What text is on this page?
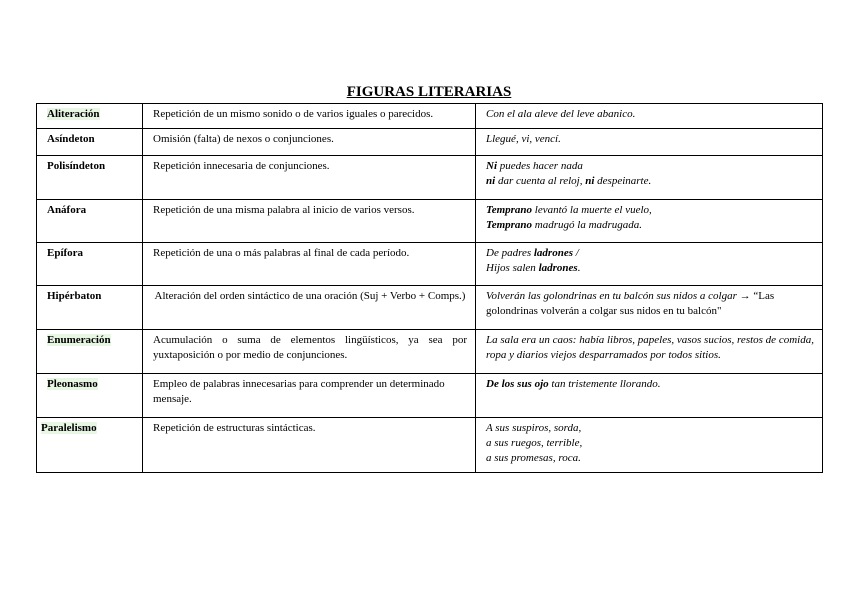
FIGURAS LITERARIAS
Aliteración	Repetición de un mismo sonido o de varios iguales o parecidos.	Con el ala aleve del leve abanico.
Asíndeton	Omisión (falta) de nexos o conjunciones.	Llegué, vi, vencí.
Polisíndeton	Repetición innecesaria de conjunciones.	Ni puedes hacer nada
ni dar cuenta al reloj, ni despeinarte.

Anáfora	Repetición de una misma palabra al inicio de varios versos.	Temprano levantó la muerte el vuelo,
Temprano madrugó la madrugada.

Epífora	Repetición de una o más palabras al final de cada período.	De padres ladrones /
Hijos salen ladrones.

Hipérbaton	Alteración del orden sintáctico de una oración (Suj + Verbo + Comps.)	Volverán las golondrinas en tu balcón sus nidos a colgar → “Las golondrinas volverán a colgar sus nidos en tu balcón"
Enumeración	Acumulación o suma de elementos lingüísticos, ya sea por yuxtaposición o por medio de conjunciones.	La sala era un caos: había libros, papeles, vasos sucios, restos de comida, ropa y diarios viejos desparramados por todos sitios.
Pleonasmo	Empleo de palabras innecesarias para comprender un determinado mensaje.	De los sus ojo tan tristemente llorando.
Paralelismo	Repetición de estructuras sintácticas.	A sus suspiros, sorda,
a sus ruegos, terrible,
a sus promesas, roca.
